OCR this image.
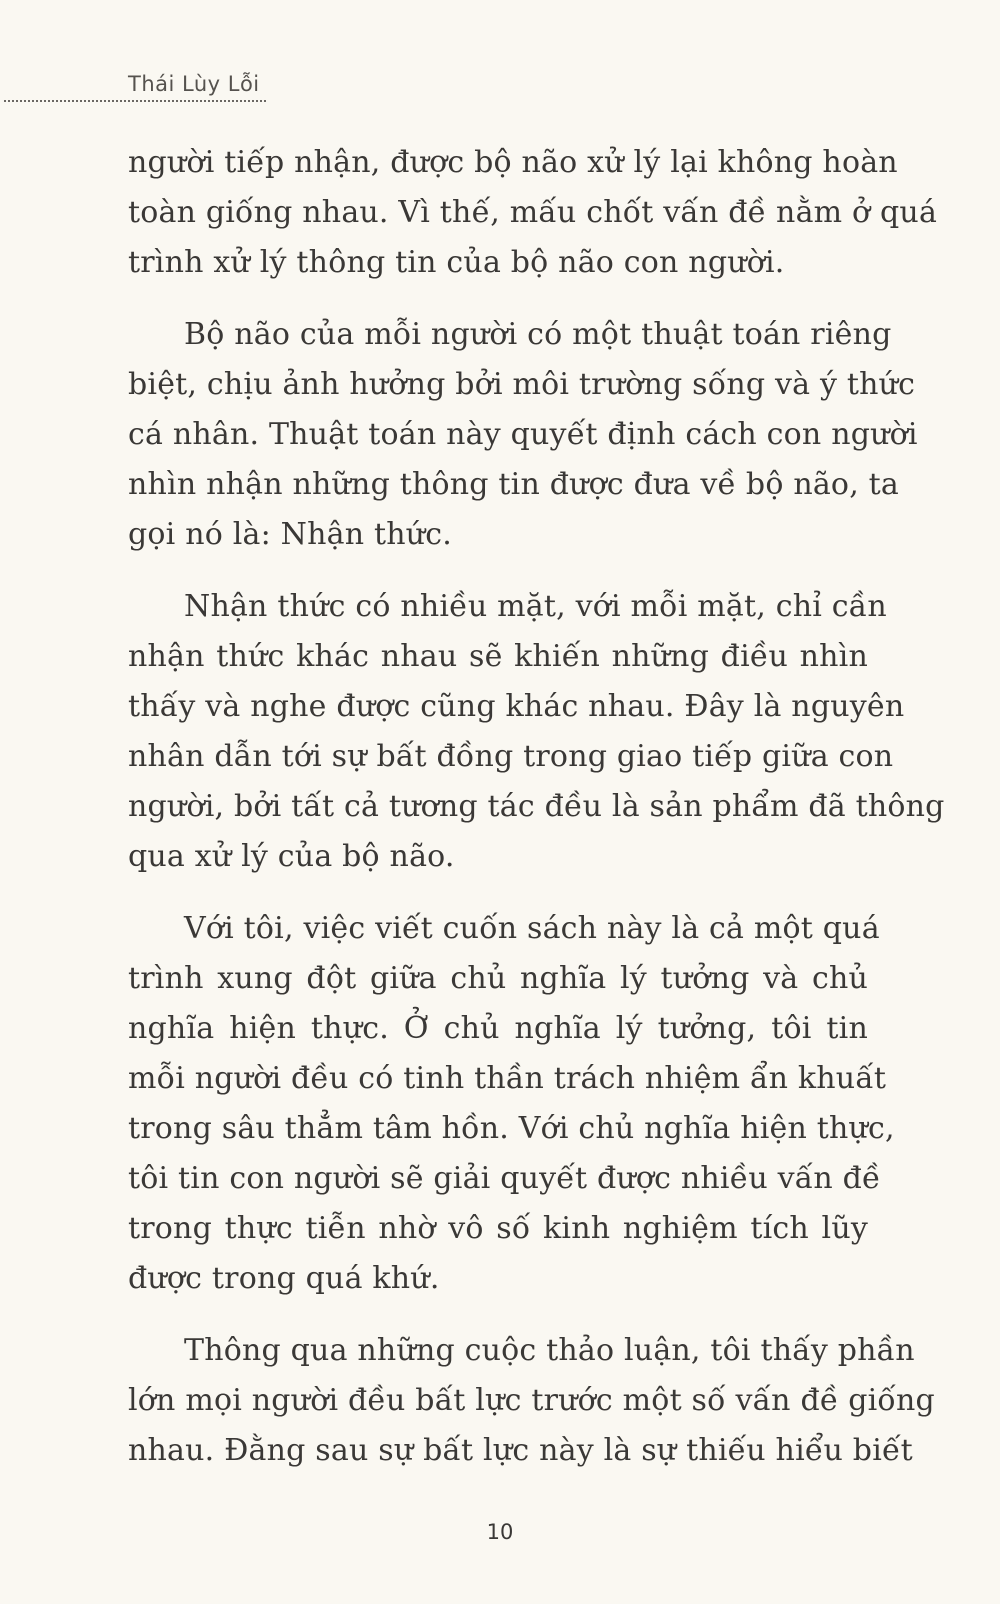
Thái Lùy Lỗi
người tiếp nhận, được bộ não xử lý lại không hoàn
toàn giống nhau. Vì thế, mấu chốt vấn đề nằm ở quá
trình xử lý thông tin của bộ não con người.
Bộ não của mỗi người có một thuật toán riêng
biệt, chịu ảnh hưởng bởi môi trường sống và ý thức
cá nhân. Thuật toán này quyết định cách con người
nhìn nhận những thông tin được đưa về bộ não, ta
gọi nó là: Nhận thức.
Nhận thức có nhiều mặt, với mỗi mặt, chỉ cần
nhận thức khác nhau sẽ khiến những điều nhìn
thấy và nghe được cũng khác nhau. Đây là nguyên
nhân dẫn tới sự bất đồng trong giao tiếp giữa con
người, bởi tất cả tương tác đều là sản phẩm đã thông
qua xử lý của bộ não.
Với tôi, việc viết cuốn sách này là cả một quá
trình xung đột giữa chủ nghĩa lý tưởng và chủ
nghĩa hiện thực. Ở chủ nghĩa lý tưởng, tôi tin
mỗi người đều có tinh thần trách nhiệm ẩn khuất
trong sâu thẳm tâm hồn. Với chủ nghĩa hiện thực,
tôi tin con người sẽ giải quyết được nhiều vấn đề
trong thực tiễn nhờ vô số kinh nghiệm tích lũy
được trong quá khứ.
Thông qua những cuộc thảo luận, tôi thấy phần
lớn mọi người đều bất lực trước một số vấn đề giống
nhau. Đằng sau sự bất lực này là sự thiếu hiểu biết
10
